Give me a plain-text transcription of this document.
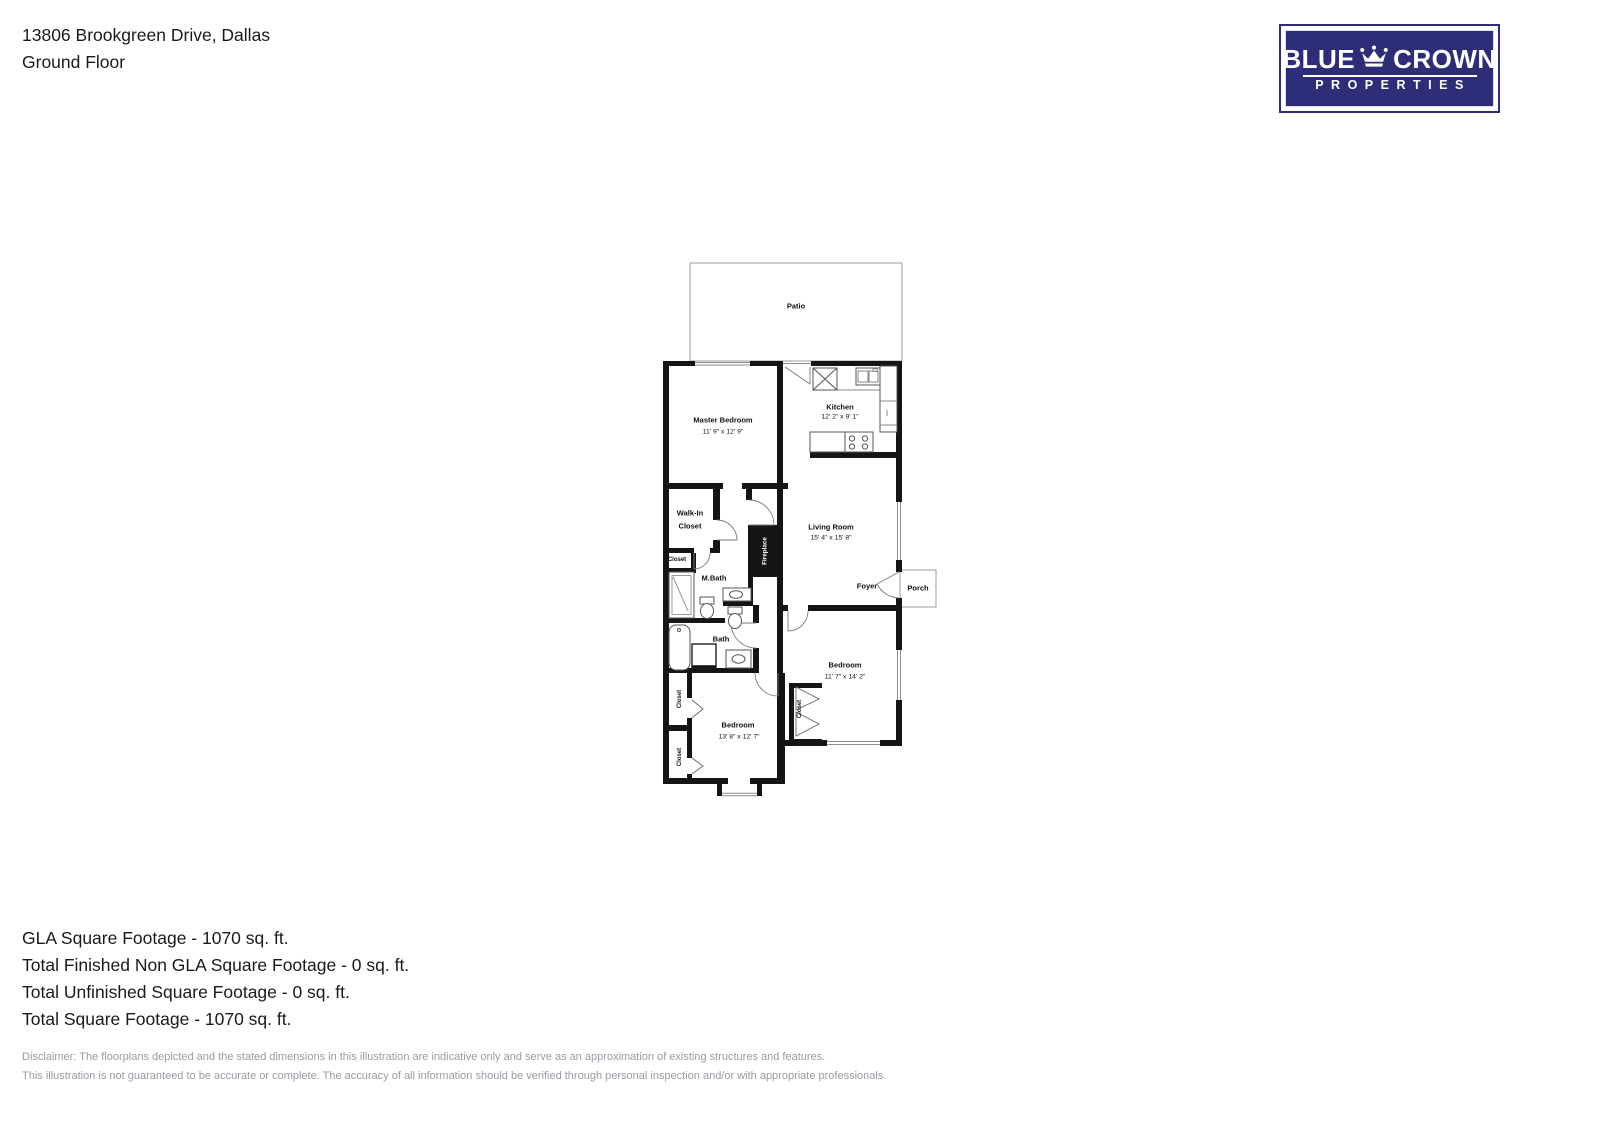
13806 Brookgreen Drive, Dallas
Ground Floor	BLUE CROWN
PROPERTIES
Patio
Master Bedroom
11' 9" x 12' 9"
Kitchen
12' 2" x 9' 1"
Living Room
15' 4" x 15' 8"
Walk-In
Closet
Closet
M.Bath
Bath
Fireplace
Foyer	Porch
Bedroom
11' 7" x 14' 2"
Bedroom
13' 8" x 12' 7"
Closet
Closet
Closet
GLA Square Footage - 1070 sq. ft.
Total Finished Non GLA Square Footage - 0 sq. ft.
Total Unfinished Square Footage - 0 sq. ft.
Total Square Footage - 1070 sq. ft.
Disclaimer: The floorplans depicted and the stated dimensions in this illustration are indicative only and serve as an approximation of existing structures and features.
This illustration is not guaranteed to be accurate or complete. The accuracy of all information should be verified through personal inspection and/or with appropriate professionals.
